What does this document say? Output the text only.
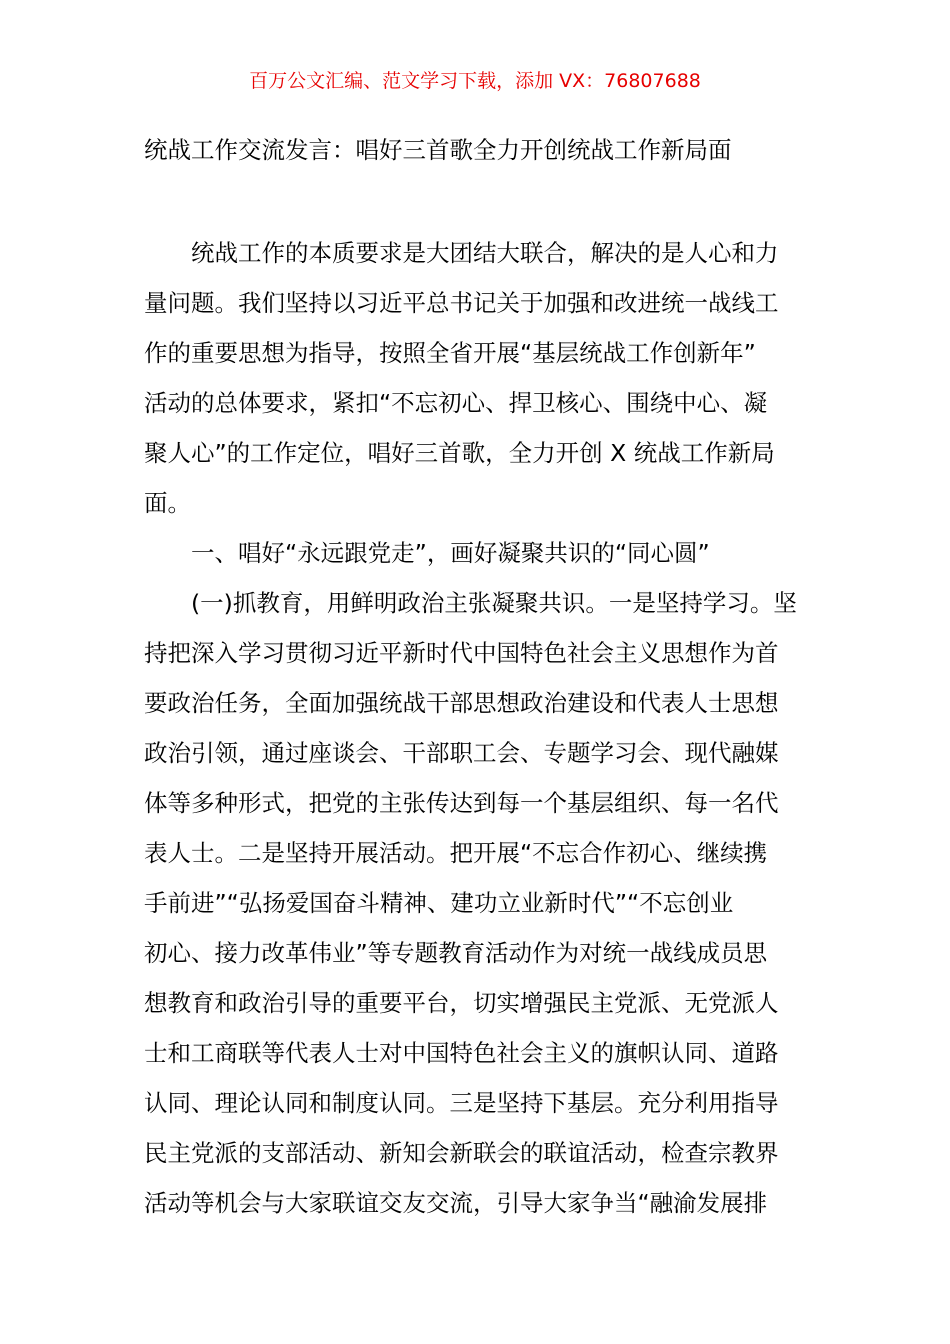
百万公文汇编、范文学习下载，添加 VX：76807688
统战工作交流发言：唱好三首歌全力开创统战工作新局面
统战工作的本质要求是大团结大联合，解决的是人心和力
量问题。我们坚持以习近平总书记关于加强和改进统一战线工
作的重要思想为指导，按照全省开展“基层统战工作创新年”
活动的总体要求，紧扣“不忘初心、捍卫核心、围绕中心、凝
聚人心”的工作定位，唱好三首歌，全力开创 X 统战工作新局
面。
一、唱好“永远跟党走”，画好凝聚共识的“同心圆”
(一)抓教育，用鲜明政治主张凝聚共识。一是坚持学习。坚
持把深入学习贯彻习近平新时代中国特色社会主义思想作为首
要政治任务，全面加强统战干部思想政治建设和代表人士思想
政治引领，通过座谈会、干部职工会、专题学习会、现代融媒
体等多种形式，把党的主张传达到每一个基层组织、每一名代
表人士。二是坚持开展活动。把开展“不忘合作初心、继续携
手前进”“弘扬爱国奋斗精神、建功立业新时代”“不忘创业
初心、接力改革伟业”等专题教育活动作为对统一战线成员思
想教育和政治引导的重要平台，切实增强民主党派、无党派人
士和工商联等代表人士对中国特色社会主义的旗帜认同、道路
认同、理论认同和制度认同。三是坚持下基层。充分利用指导
民主党派的支部活动、新知会新联会的联谊活动，检查宗教界
活动等机会与大家联谊交友交流，引导大家争当“融渝发展排
